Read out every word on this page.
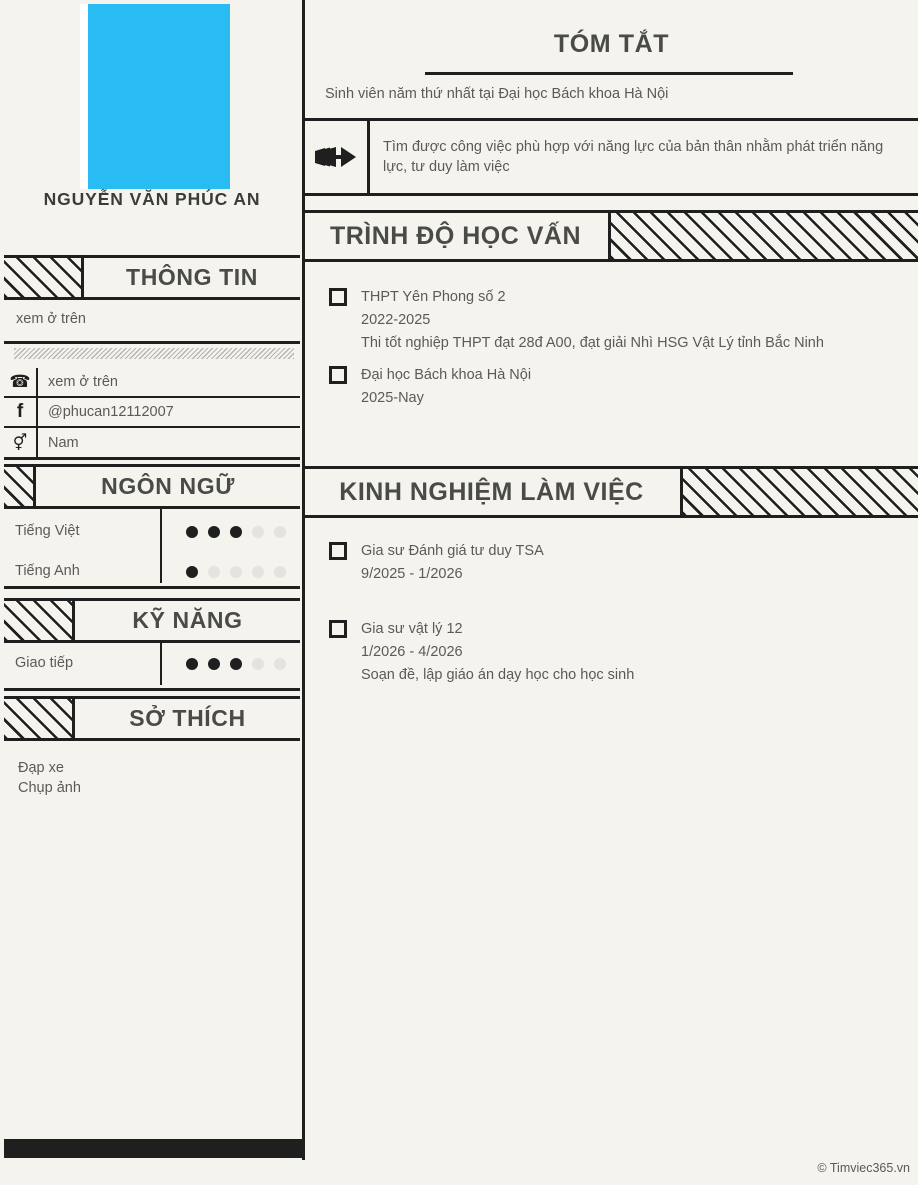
NGUYỄN VĂN PHÚC AN
THÔNG TIN
xem ở trên
☎	xem ở trên
f	@phucan12112007
⚥	Nam
NGÔN NGỮ
Tiếng Việt
Tiếng Anh
KỸ NĂNG
Giao tiếp
SỞ THÍCH
Đạp xe
Chụp ảnh
TÓM TẮT
Sinh viên năm thứ nhất tại Đại học Bách khoa Hà Nội
Tìm được công việc phù hợp với năng lực của bản thân nhằm phát triển năng lực, tư duy làm việc
TRÌNH ĐỘ HỌC VẤN
THPT Yên Phong số 2
2022-2025
Thi tốt nghiệp THPT đạt 28đ A00, đạt giải Nhì HSG Vật Lý tỉnh Bắc Ninh
Đại học Bách khoa Hà Nội
2025-Nay
KINH NGHIỆM LÀM VIỆC
Gia sư Đánh giá tư duy TSA
9/2025 - 1/2026
Gia sư vật lý 12
1/2026 - 4/2026
Soạn đề, lập giáo án dạy học cho học sinh
© Timviec365.vn
